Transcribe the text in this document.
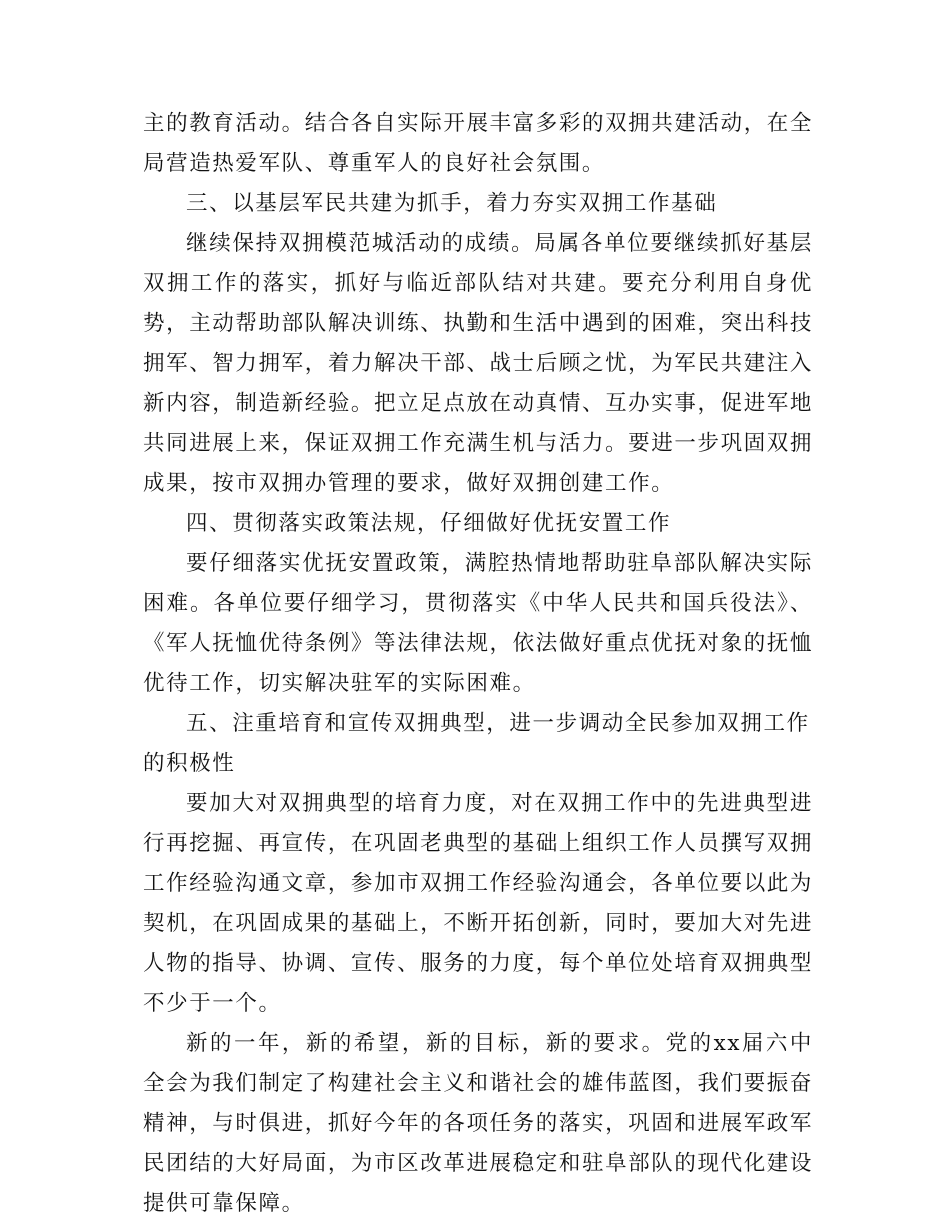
主的教育活动。结合各自实际开展丰富多彩的双拥共建活动，在全局营造热爱军队、尊重军人的良好社会氛围。

三、以基层军民共建为抓手，着力夯实双拥工作基础

继续保持双拥模范城活动的成绩。局属各单位要继续抓好基层双拥工作的落实，抓好与临近部队结对共建。要充分利用自身优势，主动帮助部队解决训练、执勤和生活中遇到的困难，突出科技拥军、智力拥军，着力解决干部、战士后顾之忧，为军民共建注入新内容，制造新经验。把立足点放在动真情、互办实事，促进军地共同进展上来，保证双拥工作充满生机与活力。要进一步巩固双拥成果，按市双拥办管理的要求，做好双拥创建工作。

四、贯彻落实政策法规，仔细做好优抚安置工作

要仔细落实优抚安置政策，满腔热情地帮助驻阜部队解决实际困难。各单位要仔细学习，贯彻落实《中华人民共和国兵役法》、《军人抚恤优待条例》等法律法规，依法做好重点优抚对象的抚恤优待工作，切实解决驻军的实际困难。

五、注重培育和宣传双拥典型，进一步调动全民参加双拥工作的积极性

要加大对双拥典型的培育力度，对在双拥工作中的先进典型进行再挖掘、再宣传，在巩固老典型的基础上组织工作人员撰写双拥工作经验沟通文章，参加市双拥工作经验沟通会，各单位要以此为契机，在巩固成果的基础上，不断开拓创新，同时，要加大对先进人物的指导、协调、宣传、服务的力度，每个单位处培育双拥典型不少于一个。

新的一年，新的希望，新的目标，新的要求。党的xx届六中全会为我们制定了构建社会主义和谐社会的雄伟蓝图，我们要振奋精神，与时俱进，抓好今年的各项任务的落实，巩固和进展军政军民团结的大好局面，为市区改革进展稳定和驻阜部队的现代化建设提供可靠保障。
